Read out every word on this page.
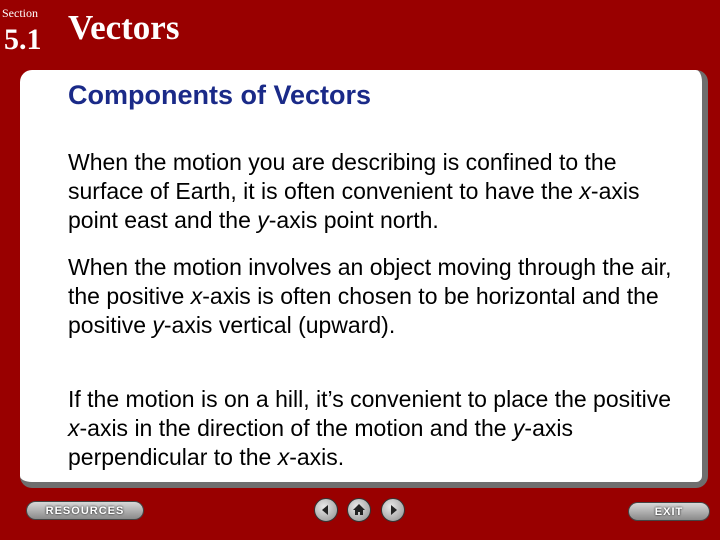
Section
5.1 Vectors
Components of Vectors

When the motion you are describing is confined to the surface of Earth, it is often convenient to have the x-axis point east and the y-axis point north.

When the motion involves an object moving through the air, the positive x-axis is often chosen to be horizontal and the positive y-axis vertical (upward).

If the motion is on a hill, it’s convenient to place the positive x-axis in the direction of the motion and the y-axis perpendicular to the x-axis.

RESOURCES	EXIT
